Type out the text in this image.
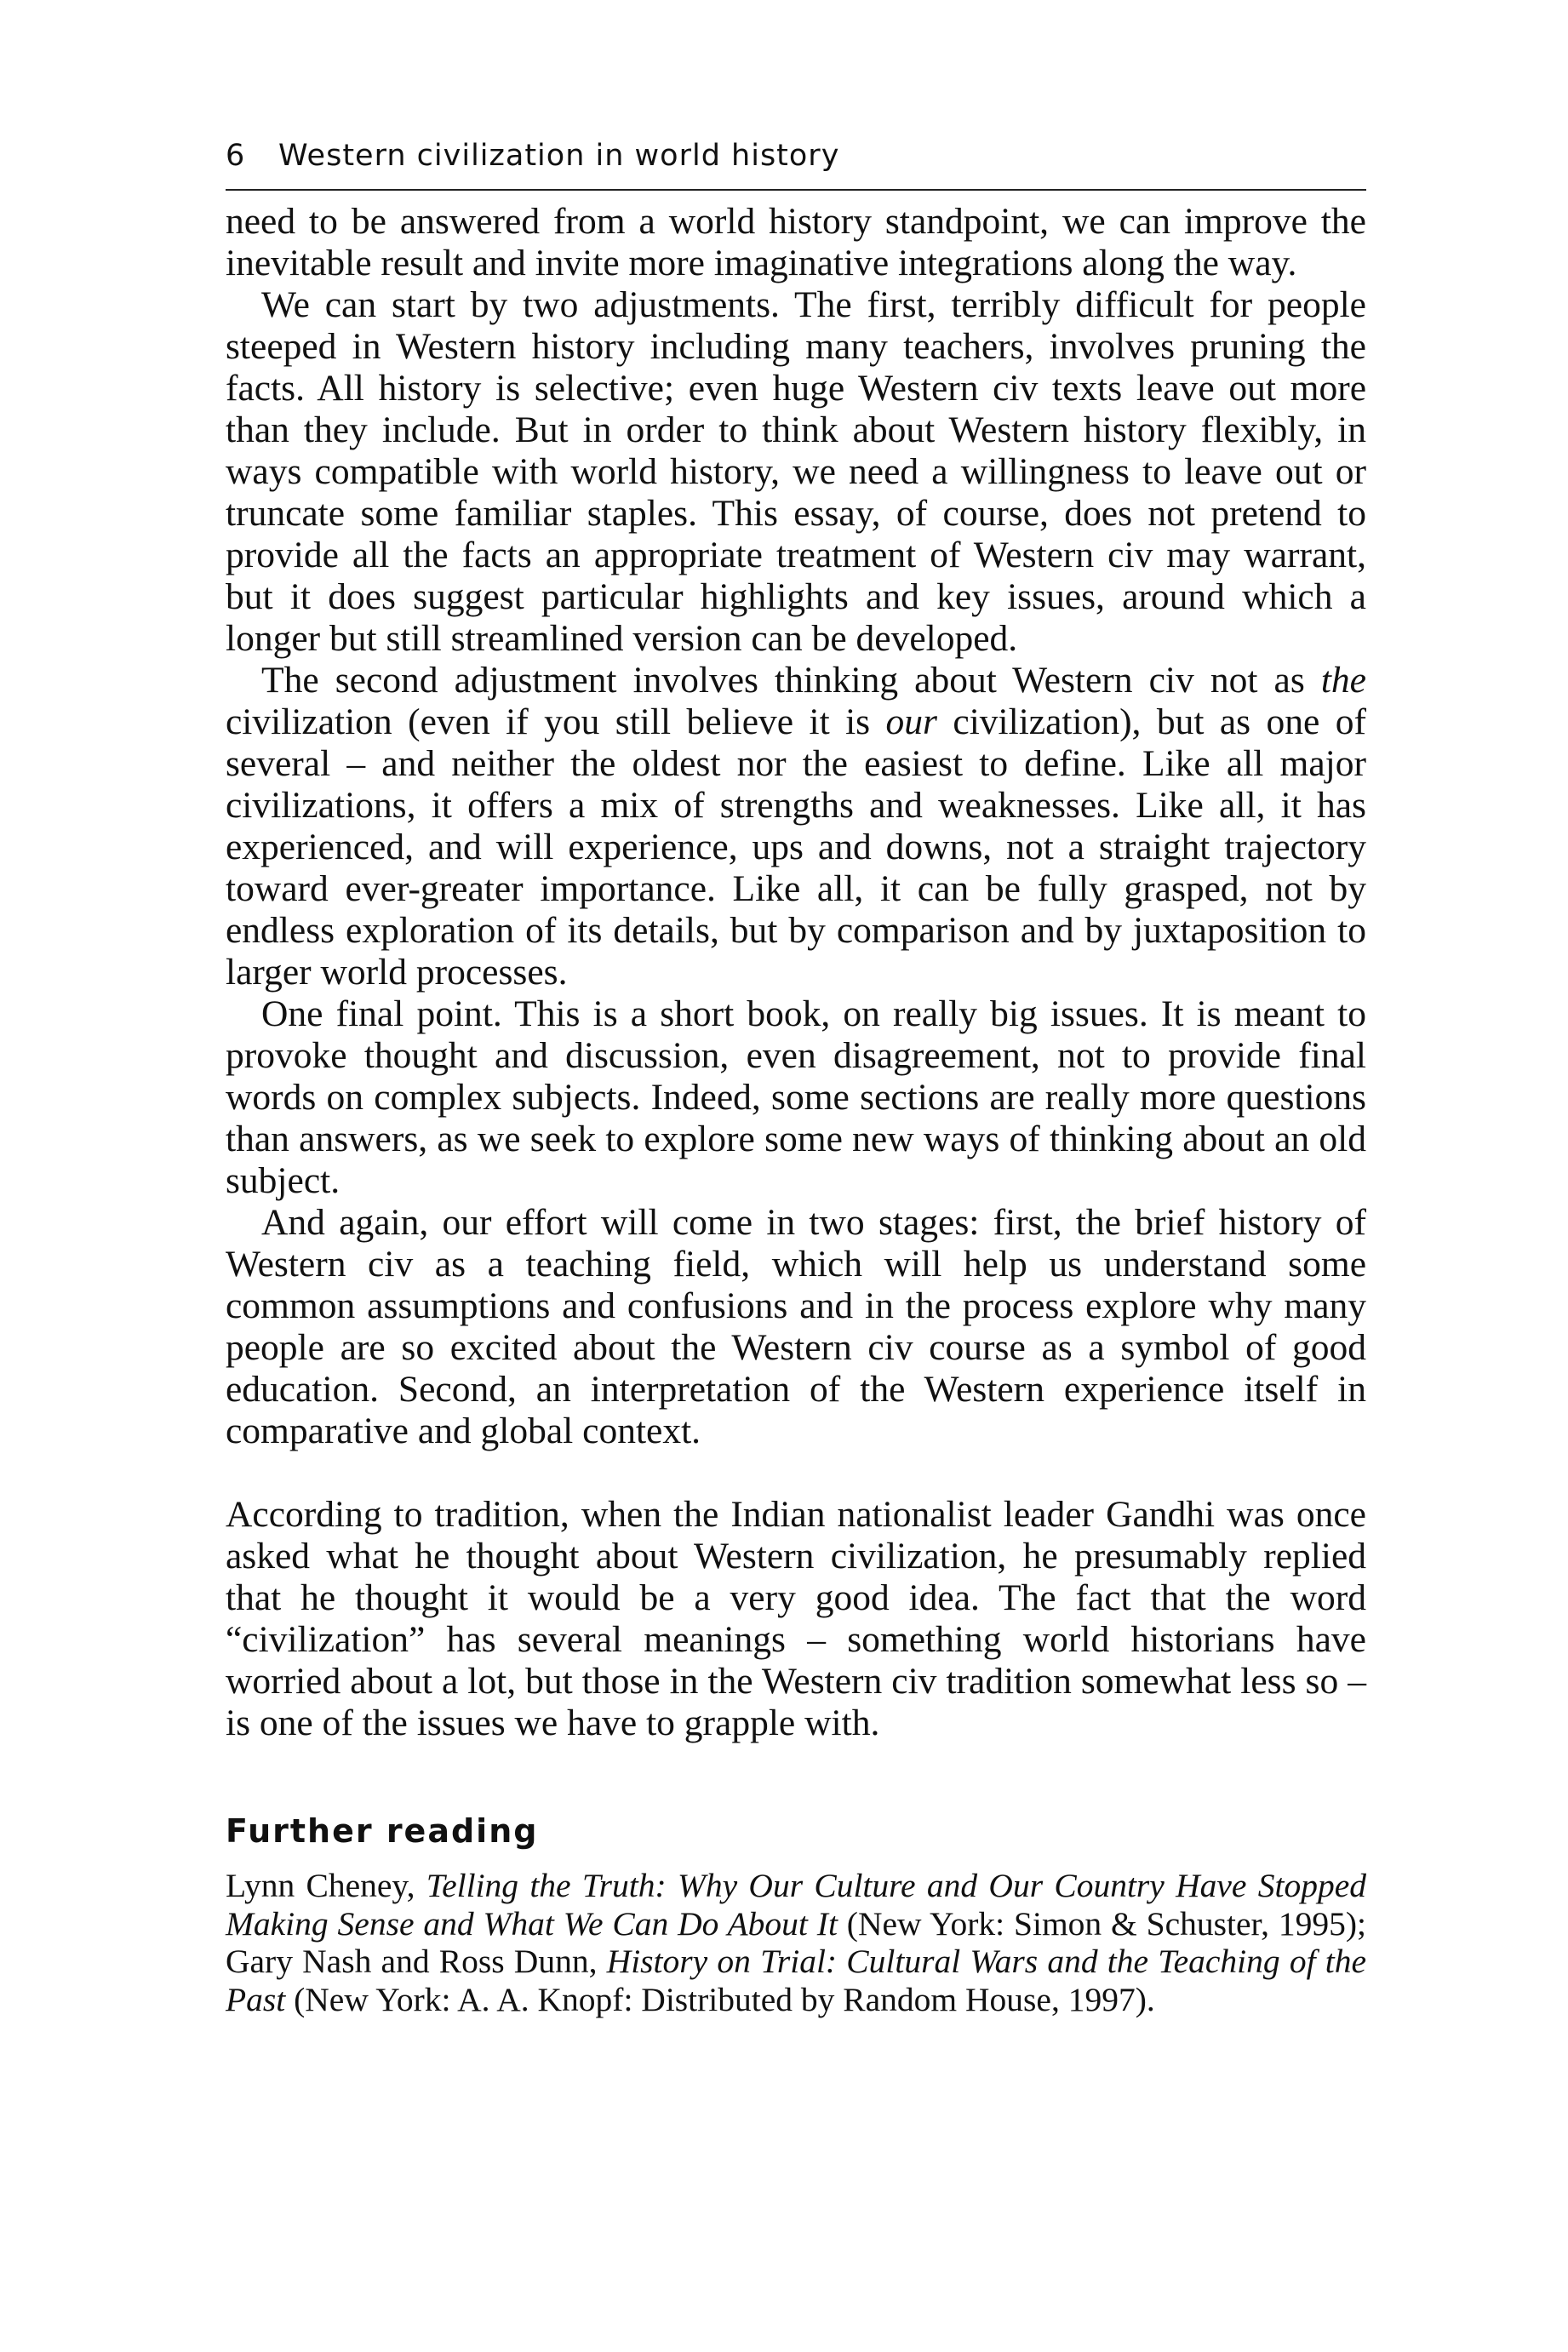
6 Western civilization in world history

need to be answered from a world history standpoint, we can improve the inevitable result and invite more imaginative integrations along the way.

We can start by two adjustments. The first, terribly difficult for people steeped in Western history including many teachers, involves pruning the facts. All history is selective; even huge Western civ texts leave out more than they include. But in order to think about Western history flexibly, in ways compatible with world history, we need a willingness to leave out or truncate some familiar staples. This essay, of course, does not pretend to provide all the facts an appropriate treatment of Western civ may warrant, but it does suggest particular highlights and key issues, around which a longer but still streamlined version can be developed.

The second adjustment involves thinking about Western civ not as the civilization (even if you still believe it is our civilization), but as one of several – and neither the oldest nor the easiest to define. Like all major civilizations, it offers a mix of strengths and weaknesses. Like all, it has experienced, and will experience, ups and downs, not a straight trajectory toward ever-greater importance. Like all, it can be fully grasped, not by endless exploration of its details, but by comparison and by juxtaposition to larger world processes.

One final point. This is a short book, on really big issues. It is meant to provoke thought and discussion, even disagreement, not to provide final words on complex subjects. Indeed, some sections are really more questions than answers, as we seek to explore some new ways of thinking about an old subject.

And again, our effort will come in two stages: first, the brief history of Western civ as a teaching field, which will help us understand some common assumptions and confusions and in the process explore why many people are so excited about the Western civ course as a symbol of good education. Second, an interpretation of the Western experience itself in comparative and global context.

According to tradition, when the Indian nationalist leader Gandhi was once asked what he thought about Western civilization, he presumably replied that he thought it would be a very good idea. The fact that the word “civilization” has several meanings – something world historians have worried about a lot, but those in the Western civ tradition somewhat less so – is one of the issues we have to grapple with.

Further reading

Lynn Cheney, Telling the Truth: Why Our Culture and Our Country Have Stopped Making Sense and What We Can Do About It (New York: Simon & Schuster, 1995); Gary Nash and Ross Dunn, History on Trial: Cultural Wars and the Teaching of the Past (New York: A. A. Knopf: Distributed by Random House, 1997).
